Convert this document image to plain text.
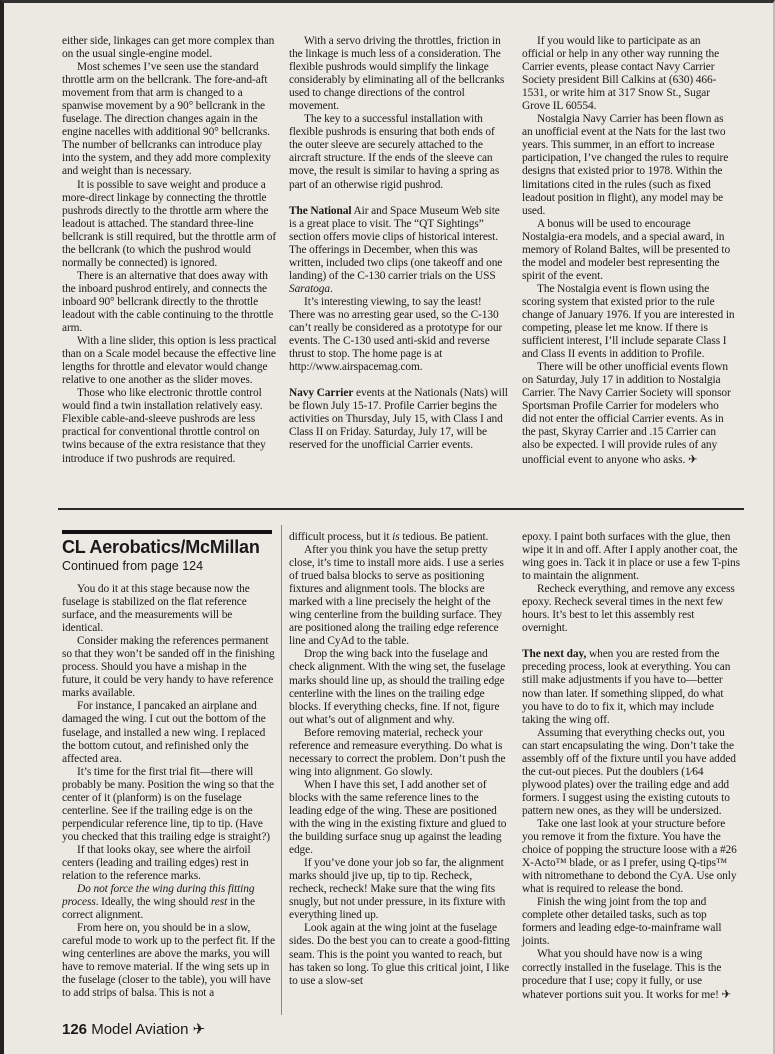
either side, linkages can get more complex than on the usual single-engine model.

Most schemes I’ve seen use the standard throttle arm on the bellcrank. The fore-and-aft movement from that arm is changed to a spanwise movement by a 90° bellcrank in the fuselage. The direction changes again in the engine nacelles with additional 90° bellcranks. The number of bellcranks can introduce play into the system, and they add more complexity and weight than is necessary.

It is possible to save weight and produce a more-direct linkage by connecting the throttle pushrods directly to the throttle arm where the leadout is attached. The standard three-line bellcrank is still required, but the throttle arm of the bellcrank (to which the pushrod would normally be connected) is ignored.

There is an alternative that does away with the inboard pushrod entirely, and connects the inboard 90° bellcrank directly to the throttle leadout with the cable continuing to the throttle arm.

With a line slider, this option is less practical than on a Scale model because the effective line lengths for throttle and elevator would change relative to one another as the slider moves.

Those who like electronic throttle control would find a twin installation relatively easy. Flexible cable-and-sleeve pushrods are less practical for conventional throttle control on twins because of the extra resistance that they introduce if two pushrods are required.

With a servo driving the throttles, friction in the linkage is much less of a consideration. The flexible pushrods would simplify the linkage considerably by eliminating all of the bellcranks used to change directions of the control movement.

The key to a successful installation with flexible pushrods is ensuring that both ends of the outer sleeve are securely attached to the aircraft structure. If the ends of the sleeve can move, the result is similar to having a spring as part of an otherwise rigid pushrod.

The National Air and Space Museum Web site is a great place to visit. The “QT Sightings” section offers movie clips of historical interest. The offerings in December, when this was written, included two clips (one takeoff and one landing) of the C-130 carrier trials on the USS Saratoga.

It’s interesting viewing, to say the least! There was no arresting gear used, so the C-130 can’t really be considered as a prototype for our events. The C-130 used anti-skid and reverse thrust to stop. The home page is at http://www.airspacemag.com.

Navy Carrier events at the Nationals (Nats) will be flown July 15-17. Profile Carrier begins the activities on Thursday, July 15, with Class I and Class II on Friday. Saturday, July 17, will be reserved for the unofficial Carrier events.

If you would like to participate as an official or help in any other way running the Carrier events, please contact Navy Carrier Society president Bill Calkins at (630) 466-1531, or write him at 317 Snow St., Sugar Grove IL 60554.

Nostalgia Navy Carrier has been flown as an unofficial event at the Nats for the last two years. This summer, in an effort to increase participation, I’ve changed the rules to require designs that existed prior to 1978. Within the limitations cited in the rules (such as fixed leadout position in flight), any model may be used.

A bonus will be used to encourage Nostalgia-era models, and a special award, in memory of Roland Baltes, will be presented to the model and modeler best representing the spirit of the event.

The Nostalgia event is flown using the scoring system that existed prior to the rule change of January 1976. If you are interested in competing, please let me know. If there is sufficient interest, I’ll include separate Class I and Class II events in addition to Profile.

There will be other unofficial events flown on Saturday, July 17 in addition to Nostalgia Carrier. The Navy Carrier Society will sponsor Sportsman Profile Carrier for modelers who did not enter the official Carrier events. As in the past, Skyray Carrier and .15 Carrier can also be expected. I will provide rules of any unofficial event to anyone who asks. ✈

CL Aerobatics/McMillan
Continued from page 124

You do it at this stage because now the fuselage is stabilized on the flat reference surface, and the measurements will be identical.

Consider making the references permanent so that they won’t be sanded off in the finishing process. Should you have a mishap in the future, it could be very handy to have reference marks available.

For instance, I pancaked an airplane and damaged the wing. I cut out the bottom of the fuselage, and installed a new wing. I replaced the bottom cutout, and refinished only the affected area.

It’s time for the first trial fit—there will probably be many. Position the wing so that the center of it (planform) is on the fuselage centerline. See if the trailing edge is on the perpendicular reference line, tip to tip. (Have you checked that this trailing edge is straight?)

If that looks okay, see where the airfoil centers (leading and trailing edges) rest in relation to the reference marks.

Do not force the wing during this fitting process. Ideally, the wing should rest in the correct alignment.

From here on, you should be in a slow, careful mode to work up to the perfect fit. If the wing centerlines are above the marks, you will have to remove material. If the wing sets up in the fuselage (closer to the table), you will have to add strips of balsa. This is not a

difficult process, but it is tedious. Be patient.

After you think you have the setup pretty close, it’s time to install more aids. I use a series of trued balsa blocks to serve as positioning fixtures and alignment tools. The blocks are marked with a line precisely the height of the wing centerline from the building surface. They are positioned along the trailing edge reference line and CyAd to the table.

Drop the wing back into the fuselage and check alignment. With the wing set, the fuselage marks should line up, as should the trailing edge centerline with the lines on the trailing edge blocks. If everything checks, fine. If not, figure out what’s out of alignment and why.

Before removing material, recheck your reference and remeasure everything. Do what is necessary to correct the problem. Don’t push the wing into alignment. Go slowly.

When I have this set, I add another set of blocks with the same reference lines to the leading edge of the wing. These are positioned with the wing in the existing fixture and glued to the building surface snug up against the leading edge.

If you’ve done your job so far, the alignment marks should jive up, tip to tip. Recheck, recheck, recheck! Make sure that the wing fits snugly, but not under pressure, in its fixture with everything lined up.

Look again at the wing joint at the fuselage sides. Do the best you can to create a good-fitting seam. This is the point you wanted to reach, but has taken so long. To glue this critical joint, I like to use a slow-set

epoxy. I paint both surfaces with the glue, then wipe it in and off. After I apply another coat, the wing goes in. Tack it in place or use a few T-pins to maintain the alignment.

Recheck everything, and remove any excess epoxy. Recheck several times in the next few hours. It’s best to let this assembly rest overnight.

The next day, when you are rested from the preceding process, look at everything. You can still make adjustments if you have to—better now than later. If something slipped, do what you have to do to fix it, which may include taking the wing off.

Assuming that everything checks out, you can start encapsulating the wing. Don’t take the assembly off of the fixture until you have added the cut-out pieces. Put the doublers (1⁄64 plywood plates) over the trailing edge and add formers. I suggest using the existing cutouts to pattern new ones, as they will be undersized.

Take one last look at your structure before you remove it from the fixture. You have the choice of popping the structure loose with a #26 X-Acto™ blade, or as I prefer, using Q-tips™ with nitromethane to debond the CyA. Use only what is required to release the bond.

Finish the wing joint from the top and complete other detailed tasks, such as top formers and leading edge-to-mainframe wall joints.

What you should have now is a wing correctly installed in the fuselage. This is the procedure that I use; copy it fully, or use whatever portions suit you. It works for me! ✈

126 Model Aviation ✈
